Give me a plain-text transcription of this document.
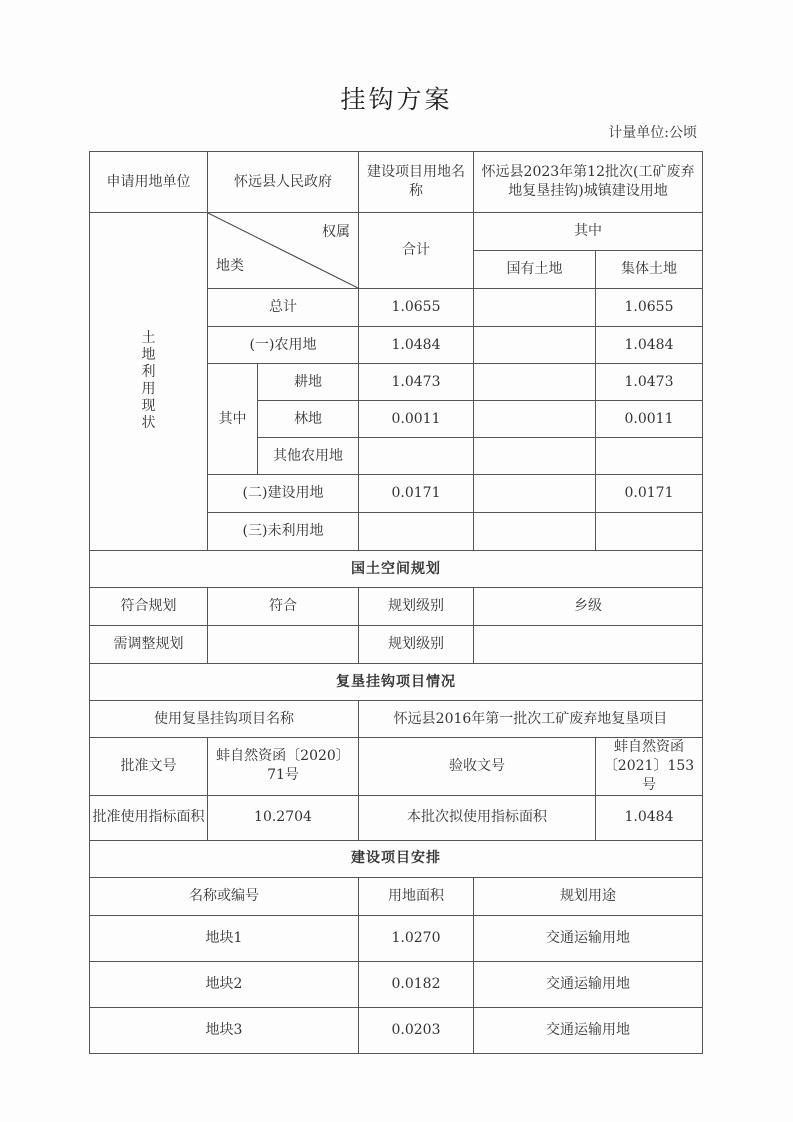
挂钩方案
计量单位:公顷
申请用地单位	怀远县人民政府		建设项目用地名称	怀远县2023年第12批次(工矿废弃地复垦挂钩)城镇建设用地	
土地利用现状	权属
地类		合计	其中	
				国有土地	集体土地
	总计		1.0655		1.0655
	(一)农用地		1.0484		1.0484
	其中	耕地	1.0473		1.0473
		林地	0.0011		0.0011
		其他农用地			
	(二)建设用地		0.0171		0.0171
	(三)未利用地				
国土空间规划					
符合规划	符合		规划级别	乡级	
需调整规划			规划级别		
复垦挂钩项目情况					
使用复垦挂钩项目名称			怀远县2016年第一批次工矿废弃地复垦项目		
批准文号	蚌自然资函〔2020〕71号		验收文号		蚌自然资函〔2021〕153号
批准使用指标面积	10.2704		本批次拟使用指标面积		1.0484
建设项目安排					
名称或编号			用地面积	规划用途	
地块1			1.0270	交通运输用地	
地块2			0.0182	交通运输用地	
地块3			0.0203	交通运输用地	
